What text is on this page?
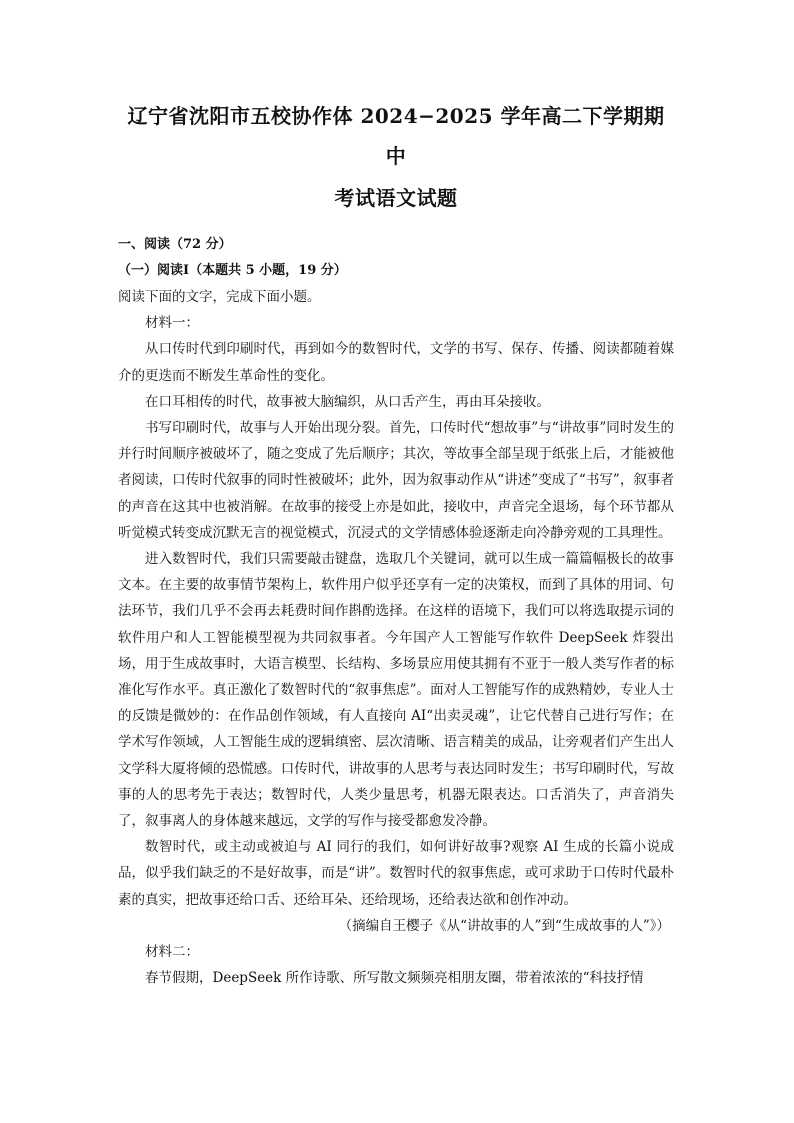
辽宁省沈阳市五校协作体 2024−2025 学年高二下学期期中
考试语文试题

一、阅读（72 分）

（一）阅读Ⅰ（本题共 5 小题，19 分）

阅读下面的文字，完成下面小题。

材料一：

从口传时代到印刷时代，再到如今的数智时代，文学的书写、保存、传播、阅读都随着媒介的更迭而不断发生革命性的变化。

在口耳相传的时代，故事被大脑编织，从口舌产生，再由耳朵接收。

书写印刷时代，故事与人开始出现分裂。首先，口传时代“想故事”与“讲故事”同时发生的并行时间顺序被破坏了，随之变成了先后顺序；其次，等故事全部呈现于纸张上后，才能被他者阅读，口传时代叙事的同时性被破坏；此外，因为叙事动作从“讲述”变成了“书写”，叙事者的声音在这其中也被消解。在故事的接受上亦是如此，接收中，声音完全退场，每个环节都从听觉模式转变成沉默无言的视觉模式，沉浸式的文学情感体验逐渐走向冷静旁观的工具理性。

进入数智时代，我们只需要敲击键盘，选取几个关键词，就可以生成一篇篇幅极长的故事文本。在主要的故事情节架构上，软件用户似乎还享有一定的决策权，而到了具体的用词、句法环节，我们几乎不会再去耗费时间作斟酌选择。在这样的语境下，我们可以将选取提示词的软件用户和人工智能模型视为共同叙事者。今年国产人工智能写作软件 DeepSeek 炸裂出场，用于生成故事时，大语言模型、长结构、多场景应用使其拥有不亚于一般人类写作者的标准化写作水平。真正激化了数智时代的“叙事焦虑”。面对人工智能写作的成熟精妙，专业人士的反馈是微妙的：在作品创作领域，有人直接向 AI“出卖灵魂”，让它代替自己进行写作；在学术写作领域，人工智能生成的逻辑缜密、层次清晰、语言精美的成品，让旁观者们产生出人文学科大厦将倾的恐慌感。口传时代，讲故事的人思考与表达同时发生；书写印刷时代，写故事的人的思考先于表达；数智时代，人类少量思考，机器无限表达。口舌消失了，声音消失了，叙事离人的身体越来越远，文学的写作与接受都愈发冷静。

数智时代，或主动或被迫与 AI 同行的我们，如何讲好故事?观察 AI 生成的长篇小说成品，似乎我们缺乏的不是好故事，而是“讲”。数智时代的叙事焦虑，或可求助于口传时代最朴素的真实，把故事还给口舌、还给耳朵、还给现场，还给表达欲和创作冲动。

（摘编自王樱子《从“讲故事的人”到“生成故事的人”》）

材料二：

春节假期，DeepSeek 所作诗歌、所写散文频频亮相朋友圈，带着浓浓的“科技抒情
